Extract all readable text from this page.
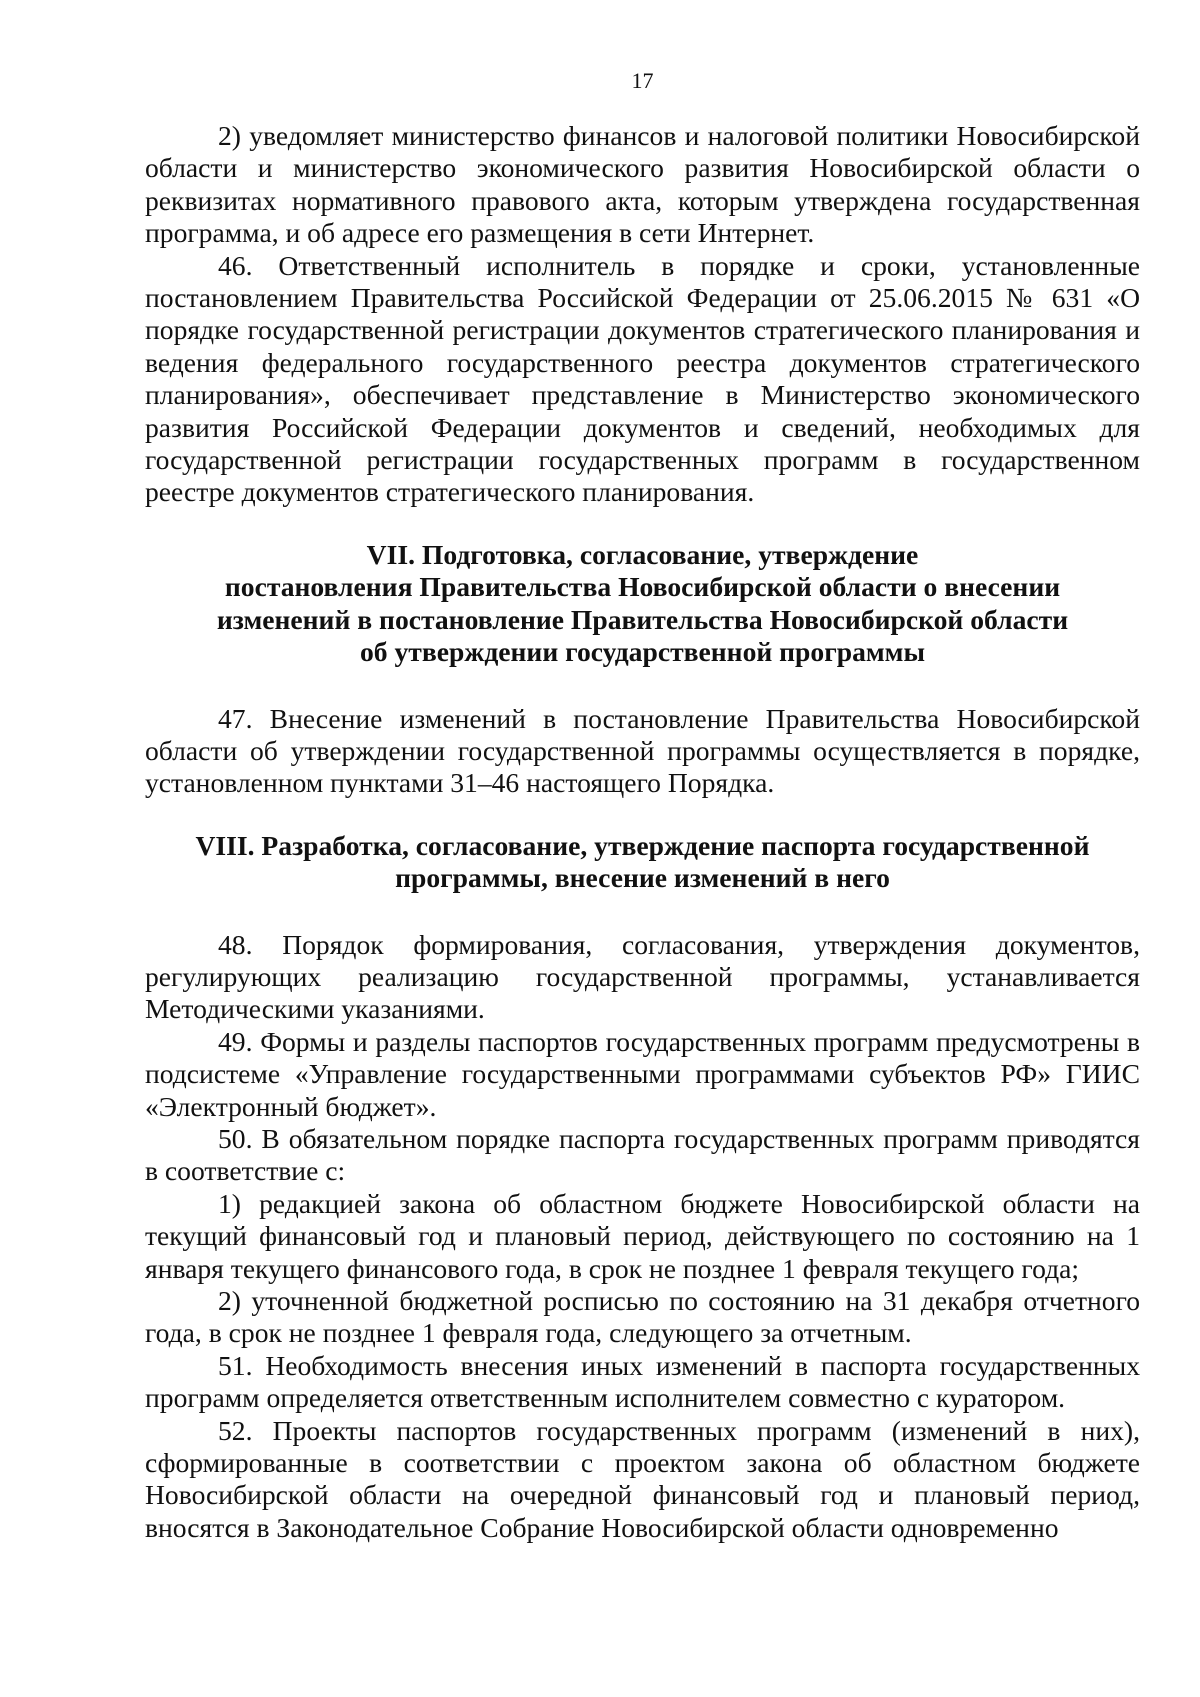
17

2) уведомляет министерство финансов и налоговой политики Новосибирской области и министерство экономического развития Новосибирской области о реквизитах нормативного правового акта, которым утверждена государственная программа, и об адресе его размещения в сети Интернет.

46. Ответственный исполнитель в порядке и сроки, установленные постановлением Правительства Российской Федерации от 25.06.2015 № 631 «О порядке государственной регистрации документов стратегического планирования и ведения федерального государственного реестра документов стратегического планирования», обеспечивает представление в Министерство экономического развития Российской Федерации документов и сведений, необходимых для государственной регистрации государственных программ в государственном реестре документов стратегического планирования.

VII. Подготовка, согласование, утверждение
постановления Правительства Новосибирской области о внесении
изменений в постановление Правительства Новосибирской области
об утверждении государственной программы

47. Внесение изменений в постановление Правительства Новосибирской области об утверждении государственной программы осуществляется в порядке, установленном пунктами 31–46 настоящего Порядка.

VIII. Разработка, согласование, утверждение паспорта государственной
программы, внесение изменений в него

48. Порядок формирования, согласования, утверждения документов, регулирующих реализацию государственной программы, устанавливается Методическими указаниями.

49. Формы и разделы паспортов государственных программ предусмотрены в подсистеме «Управление государственными программами субъектов РФ» ГИИС «Электронный бюджет».

50. В обязательном порядке паспорта государственных программ приводятся в соответствие с:

1) редакцией закона об областном бюджете Новосибирской области на текущий финансовый год и плановый период, действующего по состоянию на 1 января текущего финансового года, в срок не позднее 1 февраля текущего года;

2) уточненной бюджетной росписью по состоянию на 31 декабря отчетного года, в срок не позднее 1 февраля года, следующего за отчетным.

51. Необходимость внесения иных изменений в паспорта государственных программ определяется ответственным исполнителем совместно с куратором.

52. Проекты паспортов государственных программ (изменений в них), сформированные в соответствии с проектом закона об областном бюджете Новосибирской области на очередной финансовый год и плановый период, вносятся в Законодательное Собрание Новосибирской области одновременно
